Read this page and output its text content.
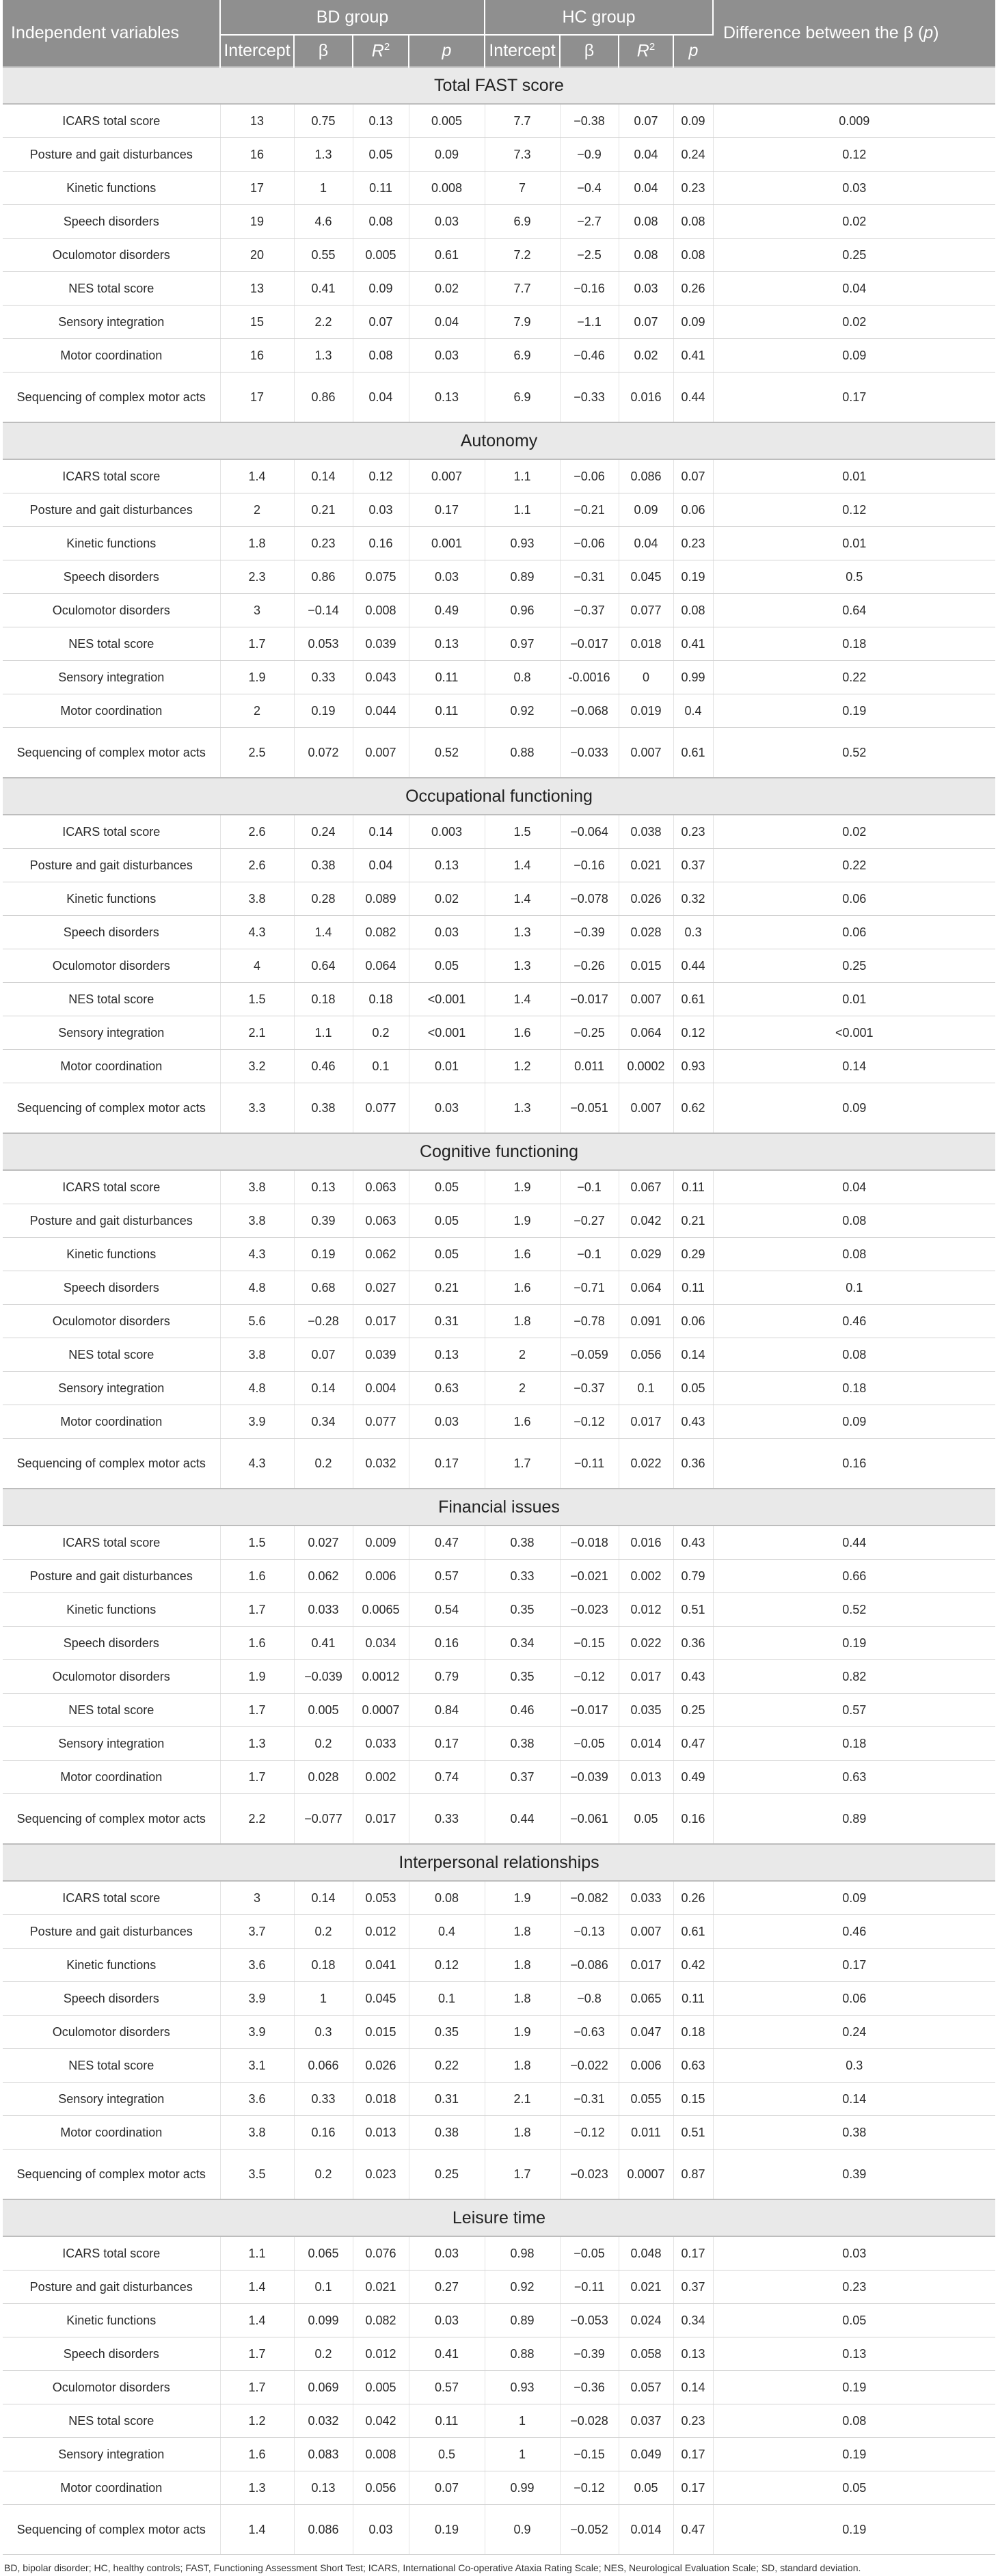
Independent variables	BD group				HC group				Difference between the β (p)
	Intercept	β	$R^2$	p	Intercept	β	$R^2$	p	
Total FAST score									
ICARS total score	13	0.75	0.13	0.005	7.7	−0.38	0.07	0.09	0.009
Posture and gait disturbances	16	1.3	0.05	0.09	7.3	−0.9	0.04	0.24	0.12
Kinetic functions	17	1	0.11	0.008	7	−0.4	0.04	0.23	0.03
Speech disorders	19	4.6	0.08	0.03	6.9	−2.7	0.08	0.08	0.02
Oculomotor disorders	20	0.55	0.005	0.61	7.2	−2.5	0.08	0.08	0.25
NES total score	13	0.41	0.09	0.02	7.7	−0.16	0.03	0.26	0.04
Sensory integration	15	2.2	0.07	0.04	7.9	−1.1	0.07	0.09	0.02
Motor coordination	16	1.3	0.08	0.03	6.9	−0.46	0.02	0.41	0.09
Sequencing of complex motor acts	17	0.86	0.04	0.13	6.9	−0.33	0.016	0.44	0.17
Autonomy									
ICARS total score	1.4	0.14	0.12	0.007	1.1	−0.06	0.086	0.07	0.01
Posture and gait disturbances	2	0.21	0.03	0.17	1.1	−0.21	0.09	0.06	0.12
Kinetic functions	1.8	0.23	0.16	0.001	0.93	−0.06	0.04	0.23	0.01
Speech disorders	2.3	0.86	0.075	0.03	0.89	−0.31	0.045	0.19	0.5
Oculomotor disorders	3	−0.14	0.008	0.49	0.96	−0.37	0.077	0.08	0.64
NES total score	1.7	0.053	0.039	0.13	0.97	−0.017	0.018	0.41	0.18
Sensory integration	1.9	0.33	0.043	0.11	0.8	-0.0016	0	0.99	0.22
Motor coordination	2	0.19	0.044	0.11	0.92	−0.068	0.019	0.4	0.19
Sequencing of complex motor acts	2.5	0.072	0.007	0.52	0.88	−0.033	0.007	0.61	0.52
Occupational functioning									
ICARS total score	2.6	0.24	0.14	0.003	1.5	−0.064	0.038	0.23	0.02
Posture and gait disturbances	2.6	0.38	0.04	0.13	1.4	−0.16	0.021	0.37	0.22
Kinetic functions	3.8	0.28	0.089	0.02	1.4	−0.078	0.026	0.32	0.06
Speech disorders	4.3	1.4	0.082	0.03	1.3	−0.39	0.028	0.3	0.06
Oculomotor disorders	4	0.64	0.064	0.05	1.3	−0.26	0.015	0.44	0.25
NES total score	1.5	0.18	0.18	<0.001	1.4	−0.017	0.007	0.61	0.01
Sensory integration	2.1	1.1	0.2	<0.001	1.6	−0.25	0.064	0.12	<0.001
Motor coordination	3.2	0.46	0.1	0.01	1.2	0.011	0.0002	0.93	0.14
Sequencing of complex motor acts	3.3	0.38	0.077	0.03	1.3	−0.051	0.007	0.62	0.09
Cognitive functioning									
ICARS total score	3.8	0.13	0.063	0.05	1.9	−0.1	0.067	0.11	0.04
Posture and gait disturbances	3.8	0.39	0.063	0.05	1.9	−0.27	0.042	0.21	0.08
Kinetic functions	4.3	0.19	0.062	0.05	1.6	−0.1	0.029	0.29	0.08
Speech disorders	4.8	0.68	0.027	0.21	1.6	−0.71	0.064	0.11	0.1
Oculomotor disorders	5.6	−0.28	0.017	0.31	1.8	−0.78	0.091	0.06	0.46
NES total score	3.8	0.07	0.039	0.13	2	−0.059	0.056	0.14	0.08
Sensory integration	4.8	0.14	0.004	0.63	2	−0.37	0.1	0.05	0.18
Motor coordination	3.9	0.34	0.077	0.03	1.6	−0.12	0.017	0.43	0.09
Sequencing of complex motor acts	4.3	0.2	0.032	0.17	1.7	−0.11	0.022	0.36	0.16
Financial issues									
ICARS total score	1.5	0.027	0.009	0.47	0.38	−0.018	0.016	0.43	0.44
Posture and gait disturbances	1.6	0.062	0.006	0.57	0.33	−0.021	0.002	0.79	0.66
Kinetic functions	1.7	0.033	0.0065	0.54	0.35	−0.023	0.012	0.51	0.52
Speech disorders	1.6	0.41	0.034	0.16	0.34	−0.15	0.022	0.36	0.19
Oculomotor disorders	1.9	−0.039	0.0012	0.79	0.35	−0.12	0.017	0.43	0.82
NES total score	1.7	0.005	0.0007	0.84	0.46	−0.017	0.035	0.25	0.57
Sensory integration	1.3	0.2	0.033	0.17	0.38	−0.05	0.014	0.47	0.18
Motor coordination	1.7	0.028	0.002	0.74	0.37	−0.039	0.013	0.49	0.63
Sequencing of complex motor acts	2.2	−0.077	0.017	0.33	0.44	−0.061	0.05	0.16	0.89
Interpersonal relationships									
ICARS total score	3	0.14	0.053	0.08	1.9	−0.082	0.033	0.26	0.09
Posture and gait disturbances	3.7	0.2	0.012	0.4	1.8	−0.13	0.007	0.61	0.46
Kinetic functions	3.6	0.18	0.041	0.12	1.8	−0.086	0.017	0.42	0.17
Speech disorders	3.9	1	0.045	0.1	1.8	−0.8	0.065	0.11	0.06
Oculomotor disorders	3.9	0.3	0.015	0.35	1.9	−0.63	0.047	0.18	0.24
NES total score	3.1	0.066	0.026	0.22	1.8	−0.022	0.006	0.63	0.3
Sensory integration	3.6	0.33	0.018	0.31	2.1	−0.31	0.055	0.15	0.14
Motor coordination	3.8	0.16	0.013	0.38	1.8	−0.12	0.011	0.51	0.38
Sequencing of complex motor acts	3.5	0.2	0.023	0.25	1.7	−0.023	0.0007	0.87	0.39
Leisure time									
ICARS total score	1.1	0.065	0.076	0.03	0.98	−0.05	0.048	0.17	0.03
Posture and gait disturbances	1.4	0.1	0.021	0.27	0.92	−0.11	0.021	0.37	0.23
Kinetic functions	1.4	0.099	0.082	0.03	0.89	−0.053	0.024	0.34	0.05
Speech disorders	1.7	0.2	0.012	0.41	0.88	−0.39	0.058	0.13	0.13
Oculomotor disorders	1.7	0.069	0.005	0.57	0.93	−0.36	0.057	0.14	0.19
NES total score	1.2	0.032	0.042	0.11	1	−0.028	0.037	0.23	0.08
Sensory integration	1.6	0.083	0.008	0.5	1	−0.15	0.049	0.17	0.19
Motor coordination	1.3	0.13	0.056	0.07	0.99	−0.12	0.05	0.17	0.05
Sequencing of complex motor acts	1.4	0.086	0.03	0.19	0.9	−0.052	0.014	0.47	0.19
BD, bipolar disorder; HC, healthy controls; FAST, Functioning Assessment Short Test; ICARS, International Co-operative Ataxia Rating Scale; NES, Neurological Evaluation Scale; SD, standard deviation.
